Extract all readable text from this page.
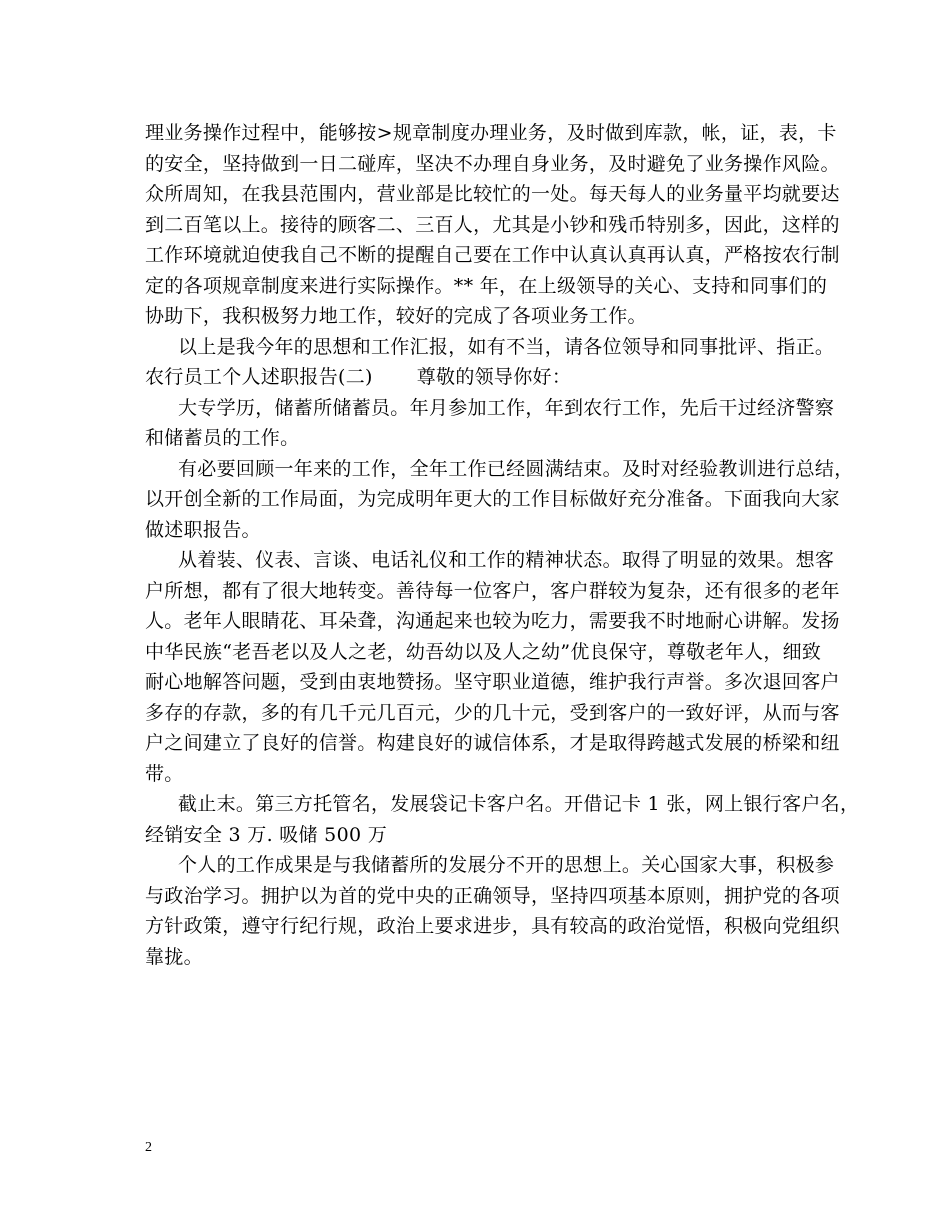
理业务操作过程中，能够按>规章制度办理业务，及时做到库款，帐，证，表，卡
的安全，坚持做到一日二碰库，坚决不办理自身业务，及时避免了业务操作风险。
众所周知，在我县范围内，营业部是比较忙的一处。每天每人的业务量平均就要达
到二百笔以上。接待的顾客二、三百人，尤其是小钞和残币特别多，因此，这样的
工作环境就迫使我自己不断的提醒自己要在工作中认真认真再认真，严格按农行制
定的各项规章制度来进行实际操作。** 年，在上级领导的关心、支持和同事们的
协助下，我积极努力地工作，较好的完成了各项业务工作。
以上是我今年的思想和工作汇报，如有不当，请各位领导和同事批评、指正。
农行员工个人述职报告(二) 尊敬的领导你好：
大专学历，储蓄所储蓄员。年月参加工作，年到农行工作，先后干过经济警察
和储蓄员的工作。
有必要回顾一年来的工作，全年工作已经圆满结束。及时对经验教训进行总结，
以开创全新的工作局面，为完成明年更大的工作目标做好充分准备。下面我向大家
做述职报告。
从着装、仪表、言谈、电话礼仪和工作的精神状态。取得了明显的效果。想客
户所想，都有了很大地转变。善待每一位客户，客户群较为复杂，还有很多的老年
人。老年人眼睛花、耳朵聋，沟通起来也较为吃力，需要我不时地耐心讲解。发扬
中华民族“老吾老以及人之老，幼吾幼以及人之幼”优良保守，尊敬老年人，细致
耐心地解答问题，受到由衷地赞扬。坚守职业道德，维护我行声誉。多次退回客户
多存的存款，多的有几千元几百元，少的几十元，受到客户的一致好评，从而与客
户之间建立了良好的信誉。构建良好的诚信体系，才是取得跨越式发展的桥梁和纽
带。
截止末。第三方托管名，发展袋记卡客户名。开借记卡 1 张，网上银行客户名，
经销安全 3 万. 吸储 500 万
个人的工作成果是与我储蓄所的发展分不开的思想上。关心国家大事，积极参
与政治学习。拥护以为首的党中央的正确领导，坚持四项基本原则，拥护党的各项
方针政策，遵守行纪行规，政治上要求进步，具有较高的政治觉悟，积极向党组织
靠拢。
2
